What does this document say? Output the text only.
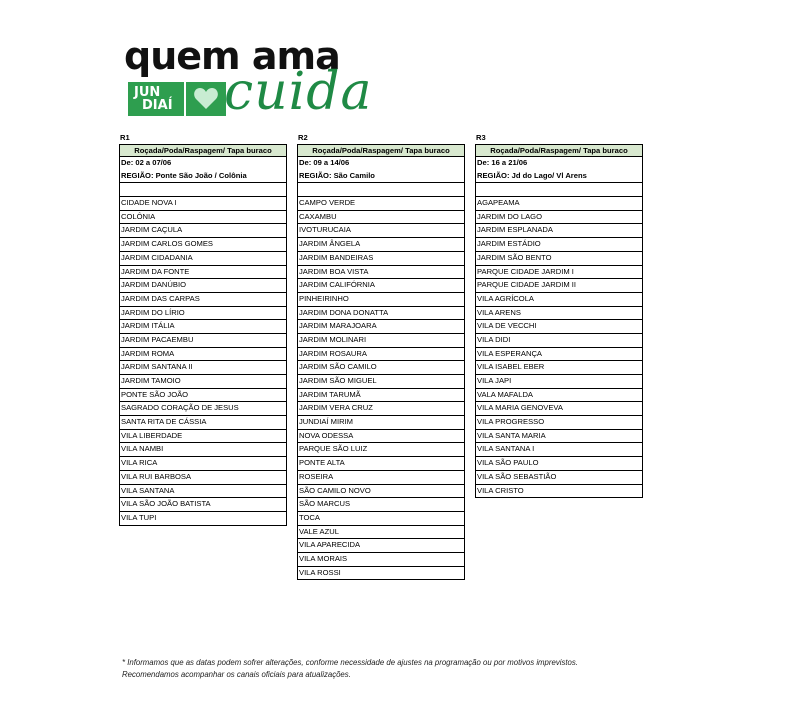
quem ama
JUN
DIAÍ cuida
R1
Roçada/Poda/Raspagem/ Tapa buraco
De: 02 a 07/06
REGIÃO: Ponte São João / Colônia
CIDADE NOVA I
COLÔNIA
JARDIM CAÇULA
JARDIM CARLOS GOMES
JARDIM CIDADANIA
JARDIM DA FONTE
JARDIM DANÚBIO
JARDIM DAS CARPAS
JARDIM DO LÍRIO
JARDIM ITÁLIA
JARDIM PACAEMBU
JARDIM ROMA
JARDIM SANTANA II
JARDIM TAMOIO
PONTE SÃO JOÃO
SAGRADO CORAÇÃO DE JESUS
SANTA RITA DE CÁSSIA
VILA LIBERDADE
VILA NAMBI
VILA RICA
VILA RUI BARBOSA
VILA SANTANA
VILA SÃO JOÃO BATISTA
VILA TUPI
R2
Roçada/Poda/Raspagem/ Tapa buraco
De: 09 a 14/06
REGIÃO: São Camilo
CAMPO VERDE
CAXAMBU
IVOTURUCAIA
JARDIM ÂNGELA
JARDIM BANDEIRAS
JARDIM BOA VISTA
JARDIM CALIFÓRNIA
PINHEIRINHO
JARDIM DONA DONATTA
JARDIM MARAJOARA
JARDIM MOLINARI
JARDIM ROSAURA
JARDIM SÃO CAMILO
JARDIM SÃO MIGUEL
JARDIM TARUMÃ
JARDIM VERA CRUZ
JUNDIAÍ MIRIM
NOVA ODESSA
PARQUE SÃO LUIZ
PONTE ALTA
ROSEIRA
SÃO CAMILO NOVO
SÃO MARCUS
TOCA
VALE AZUL
VILA APARECIDA
VILA MORAIS
VILA ROSSI
R3
Roçada/Poda/Raspagem/ Tapa buraco
De: 16 a 21/06
REGIÃO: Jd do Lago/ Vl Arens
AGAPEAMA
JARDIM DO LAGO
JARDIM ESPLANADA
JARDIM ESTÁDIO
JARDIM SÃO BENTO
PARQUE CIDADE JARDIM I
PARQUE CIDADE JARDIM II
VILA AGRÍCOLA
VILA ARENS
VILA DE VECCHI
VILA DIDI
VILA ESPERANÇA
VILA ISABEL EBER
VILA JAPI
VALA MAFALDA
VILA MARIA GENOVEVA
VILA PROGRESSO
VILA SANTA MARIA
VILA SANTANA I
VILA SÃO PAULO
VILA SÃO SEBASTIÃO
VILA CRISTO
* Informamos que as datas podem sofrer alterações, conforme necessidade de ajustes na programação ou por motivos imprevistos.
Recomendamos acompanhar os canais oficiais para atualizações.
